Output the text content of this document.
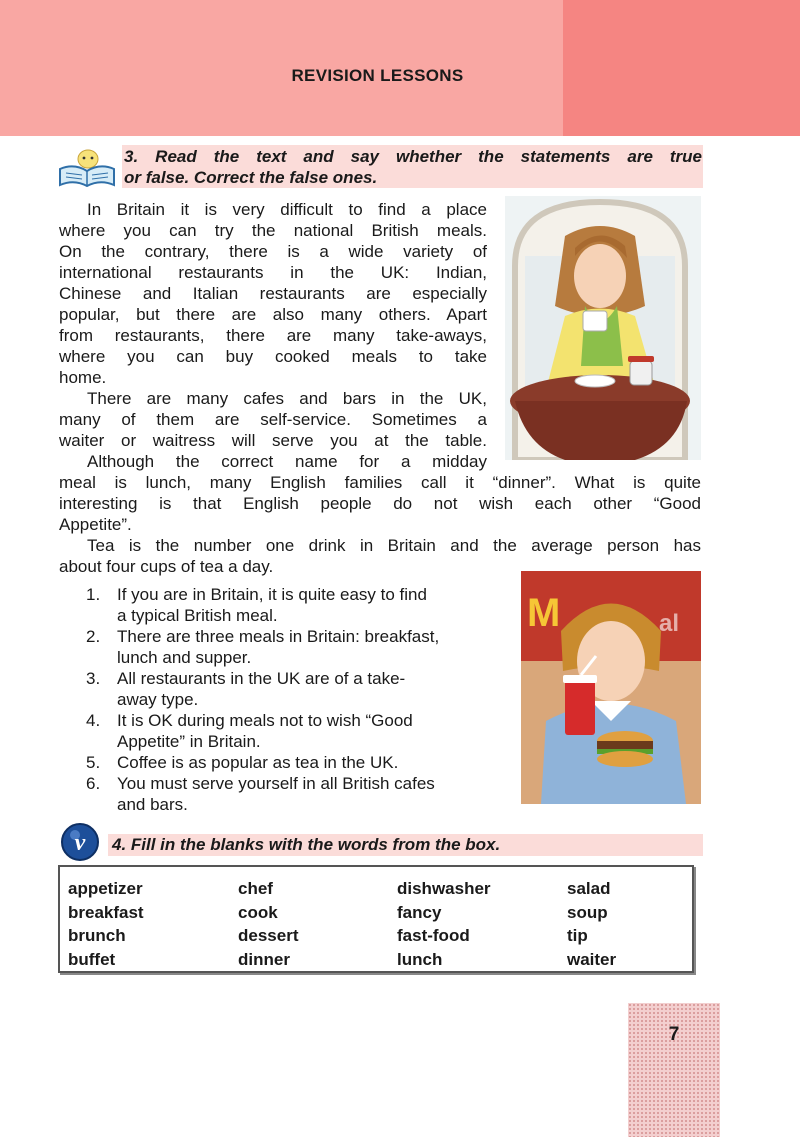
REVISION LESSONS
3. Read the text and say whether the statements are true
or false. Correct the false ones.
In Britain it is very difficult to find a place
where you can try the national British meals.
On the contrary, there is a wide variety of
international restaurants in the UK: Indian,
Chinese and Italian restaurants are especially
popular, but there are also many others. Apart
from restaurants, there are many take-aways,
where you can buy cooked meals to take
home.
There are many cafes and bars in the UK,
many of them are self-service. Sometimes a
waiter or waitress will serve you at the table.
Although the correct name for a midday
meal is lunch, many English families call it “dinner”. What is quite
interesting is that English people do not wish each other “Good
Appetite”.
Tea is the number one drink in Britain and the average person has
about four cups of tea a day.
1. If you are in Britain, it is quite easy to find
a typical British meal.
2. There are three meals in Britain: breakfast,
lunch and supper.
3. All restaurants in the UK are of a take-
away type.
4. It is OK during meals not to wish “Good
Appetite” in Britain.
5. Coffee is as popular as tea in the UK.
6. You must serve yourself in all British cafes
and bars.
M	al
v 4. Fill in the blanks with the words from the box.
appetizer
breakfast
brunch
buffet
chef
cook
dessert
dinner
dishwasher
fancy
fast-food
lunch
salad
soup
tip
waiter
7
